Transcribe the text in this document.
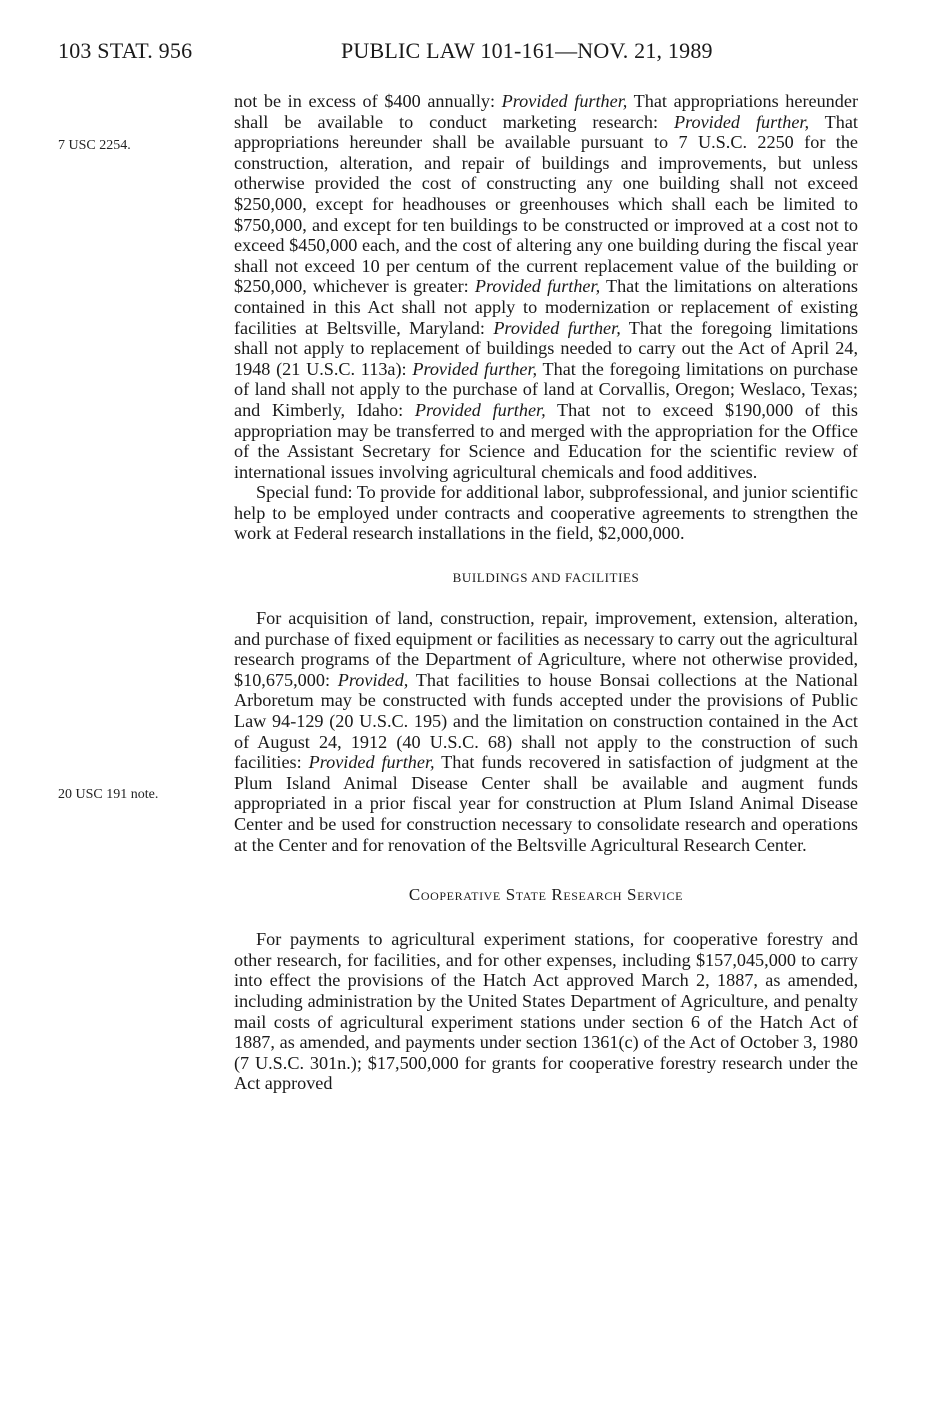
103 STAT. 956	PUBLIC LAW 101-161—NOV. 21, 1989
7 USC 2254.
20 USC 191 note.

not be in excess of $400 annually: Provided further, That appropriations hereunder shall be available to conduct marketing research: Provided further, That appropriations hereunder shall be available pursuant to 7 U.S.C. 2250 for the construction, alteration, and repair of buildings and improvements, but unless otherwise provided the cost of constructing any one building shall not exceed $250,000, except for headhouses or greenhouses which shall each be limited to $750,000, and except for ten buildings to be constructed or improved at a cost not to exceed $450,000 each, and the cost of altering any one building during the fiscal year shall not exceed 10 per centum of the current replacement value of the building or $250,000, whichever is greater: Provided further, That the limitations on alterations contained in this Act shall not apply to modernization or replacement of existing facilities at Beltsville, Maryland: Provided further, That the foregoing limitations shall not apply to replacement of buildings needed to carry out the Act of April 24, 1948 (21 U.S.C. 113a): Provided further, That the foregoing limitations on purchase of land shall not apply to the purchase of land at Corvallis, Oregon; Weslaco, Texas; and Kimberly, Idaho: Provided further, That not to exceed $190,000 of this appropriation may be transferred to and merged with the appropriation for the Office of the Assistant Secretary for Science and Education for the scientific review of international issues involving agricultural chemicals and food additives.

Special fund: To provide for additional labor, subprofessional, and junior scientific help to be employed under contracts and cooperative agreements to strengthen the work at Federal research installations in the field, $2,000,000.

BUILDINGS AND FACILITIES

For acquisition of land, construction, repair, improvement, extension, alteration, and purchase of fixed equipment or facilities as necessary to carry out the agricultural research programs of the Department of Agriculture, where not otherwise provided, $10,675,000: Provided, That facilities to house Bonsai collections at the National Arboretum may be constructed with funds accepted under the provisions of Public Law 94-129 (20 U.S.C. 195) and the limitation on construction contained in the Act of August 24, 1912 (40 U.S.C. 68) shall not apply to the construction of such facilities: Provided further, That funds recovered in satisfaction of judgment at the Plum Island Animal Disease Center shall be available and augment funds appropriated in a prior fiscal year for construction at Plum Island Animal Disease Center and be used for construction necessary to consolidate research and operations at the Center and for renovation of the Beltsville Agricultural Research Center.

Cooperative State Research Service

For payments to agricultural experiment stations, for cooperative forestry and other research, for facilities, and for other expenses, including $157,045,000 to carry into effect the provisions of the Hatch Act approved March 2, 1887, as amended, including administration by the United States Department of Agriculture, and penalty mail costs of agricultural experiment stations under section 6 of the Hatch Act of 1887, as amended, and payments under section 1361(c) of the Act of October 3, 1980 (7 U.S.C. 301n.); $17,500,000 for grants for cooperative forestry research under the Act approved
